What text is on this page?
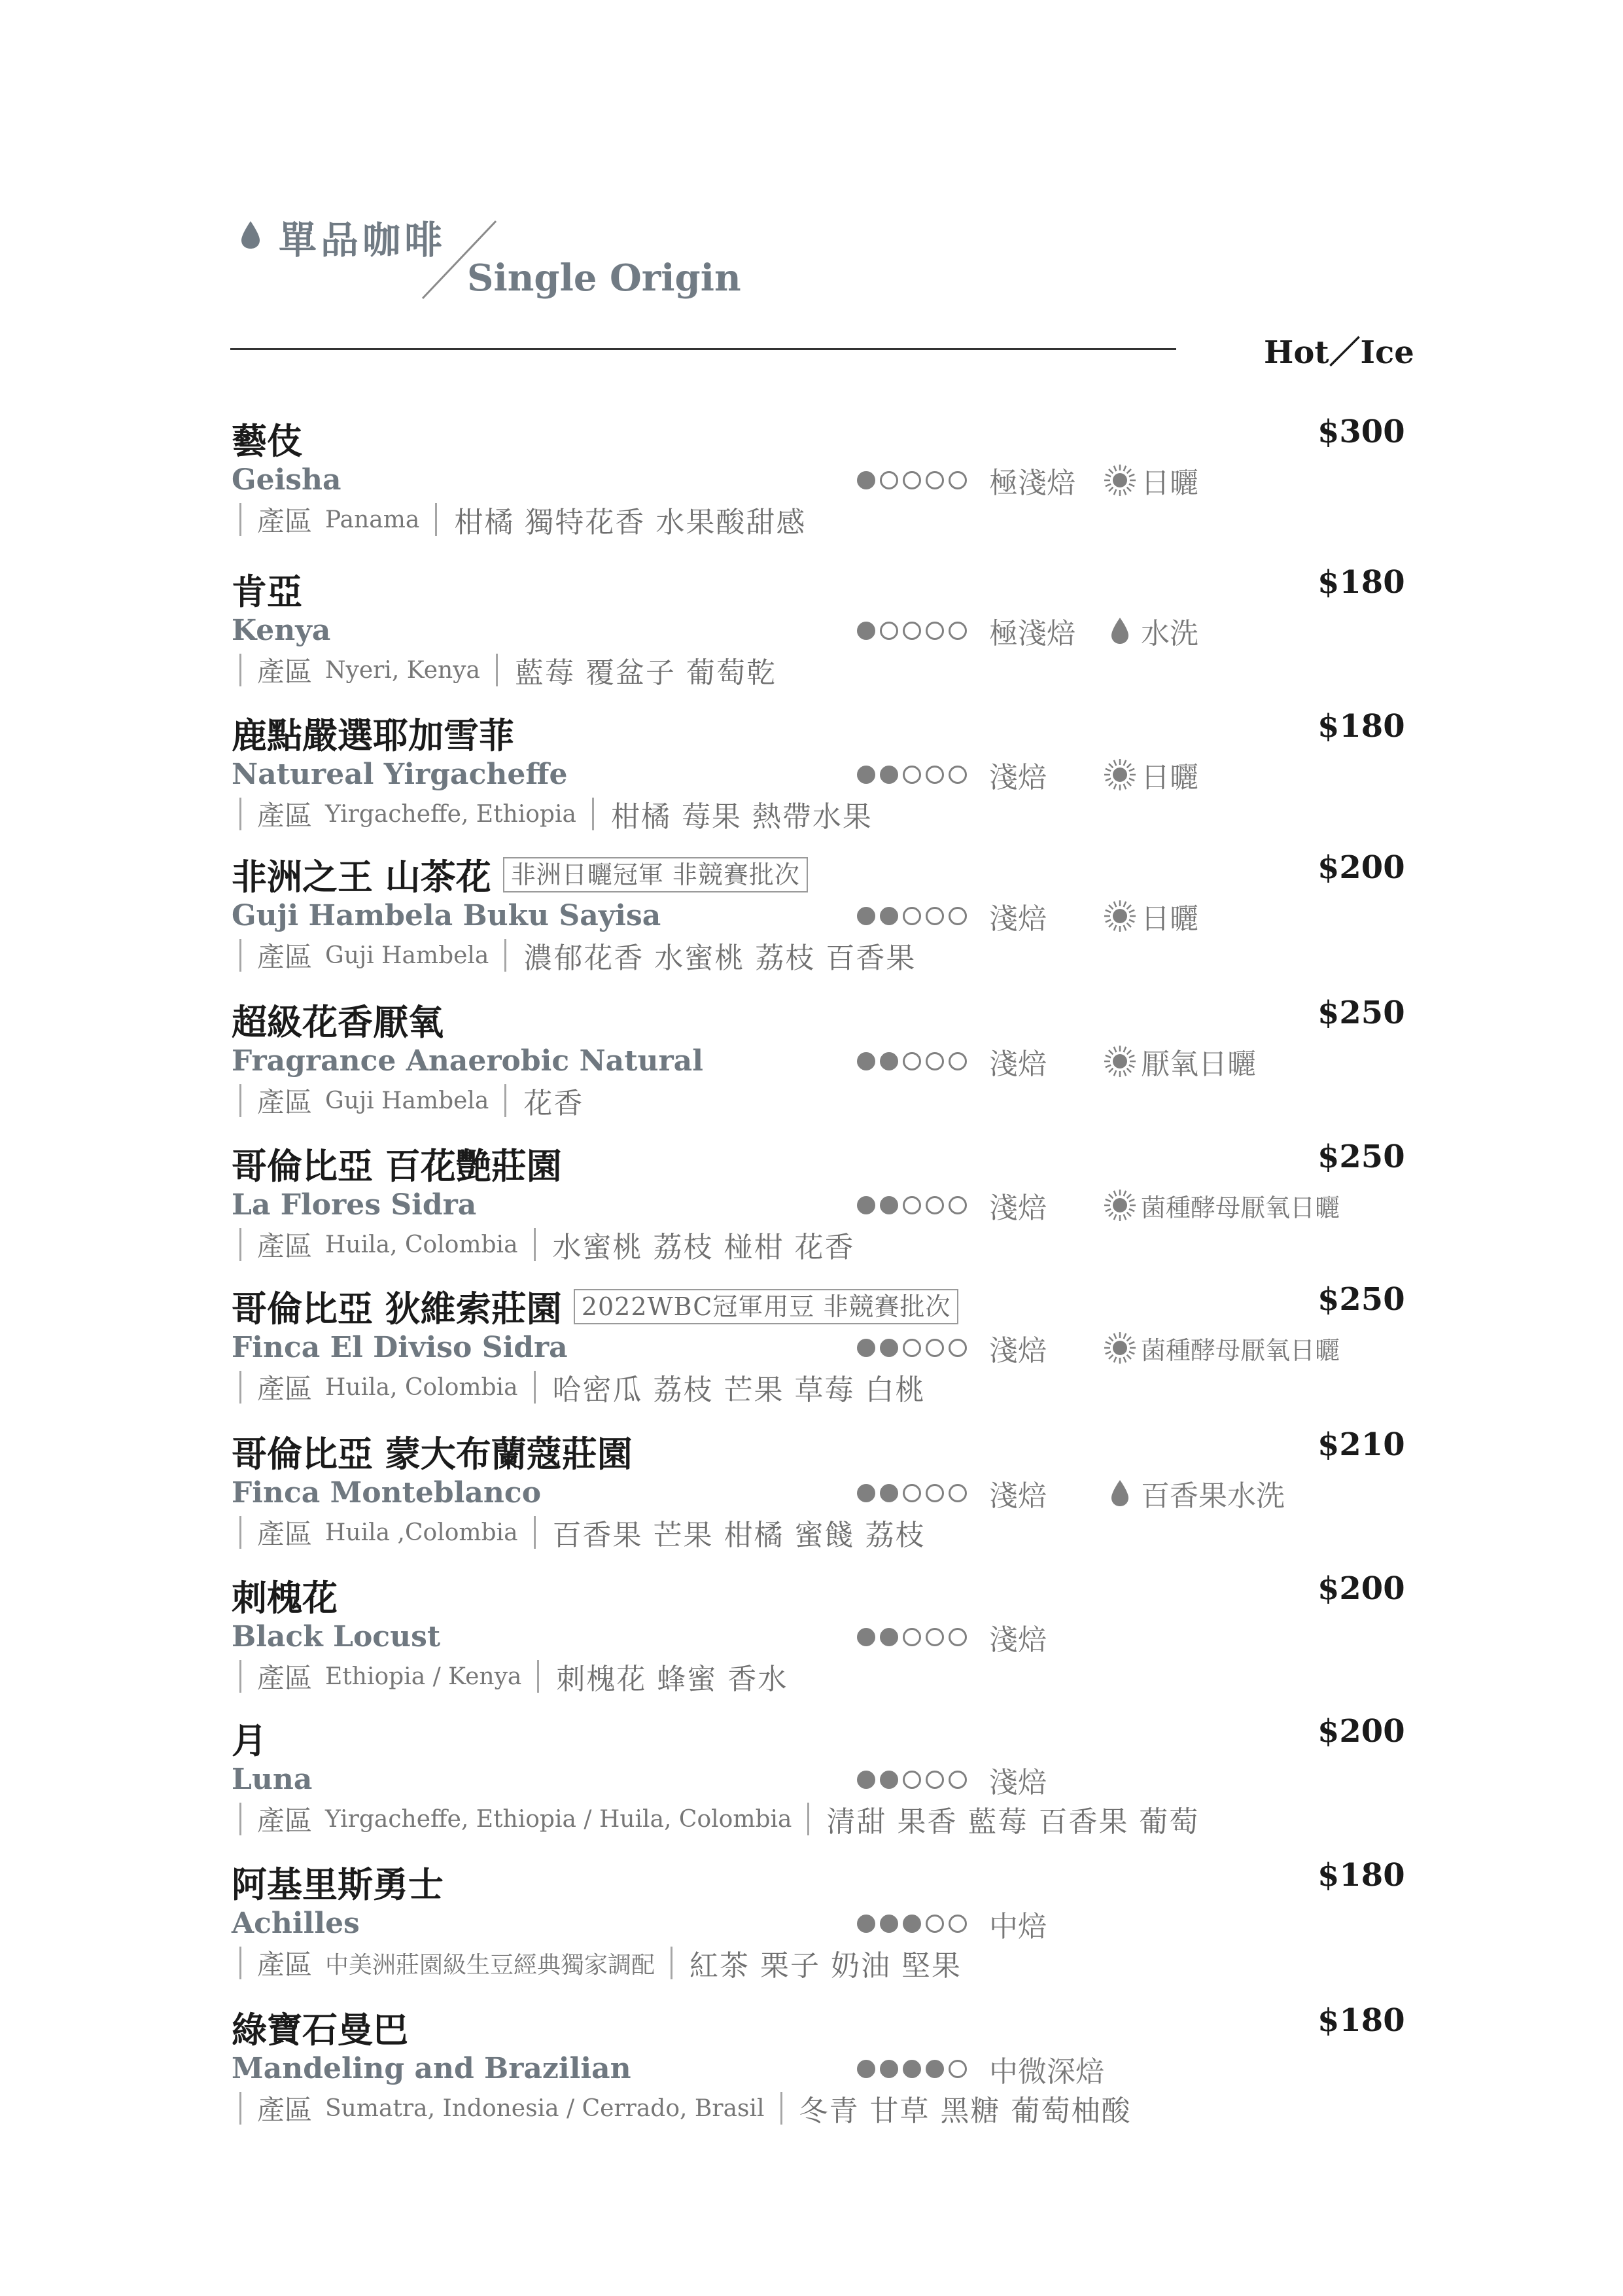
單品咖啡
Single Origin
Hot／Ice
藝伎
Geisha	極淺焙 日曬
$300
產區 Panama 柑橘 獨特花香 水果酸甜感
肯亞
Kenya	極淺焙 水洗
$180
產區 Nyeri, Kenya 藍莓 覆盆子 葡萄乾
鹿點嚴選耶加雪菲
Natureal Yirgacheffe	淺焙	日曬
$180
產區 Yirgacheffe, Ethiopia 柑橘 莓果 熱帶水果
非洲之王 山茶花 非洲日曬冠軍 非競賽批次
Guji Hambela Buku Sayisa	淺焙	日曬
$200
產區 Guji Hambela 濃郁花香 水蜜桃 荔枝 百香果
超級花香厭氧
Fragrance Anaerobic Natural	淺焙	厭氧日曬
$250
產區 Guji Hambela 花香
哥倫比亞 百花艷莊園
La Flores Sidra	淺焙	菌種酵母厭氧日曬
$250
產區 Huila, Colombia 水蜜桃 荔枝 椪柑 花香
哥倫比亞 狄維索莊園 2022WBC冠軍用豆 非競賽批次
Finca El Diviso Sidra	淺焙	菌種酵母厭氧日曬
$250
產區 Huila, Colombia 哈密瓜 荔枝 芒果 草莓 白桃
哥倫比亞 蒙大布蘭蔻莊園
Finca Monteblanco	淺焙	百香果水洗
$210
產區 Huila ,Colombia 百香果 芒果 柑橘 蜜餞 荔枝
刺槐花
Black Locust	淺焙
$200
產區 Ethiopia / Kenya 刺槐花 蜂蜜 香水
月
Luna	淺焙
$200
產區 Yirgacheffe, Ethiopia / Huila, Colombia 清甜 果香 藍莓 百香果 葡萄
阿基里斯勇士
Achilles	中焙
$180
產區 中美洲莊園級生豆經典獨家調配 紅茶 栗子 奶油 堅果
綠寶石曼巴
Mandeling and Brazilian	中微深焙
$180
產區 Sumatra, Indonesia / Cerrado, Brasil 冬青 甘草 黑糖 葡萄柚酸
